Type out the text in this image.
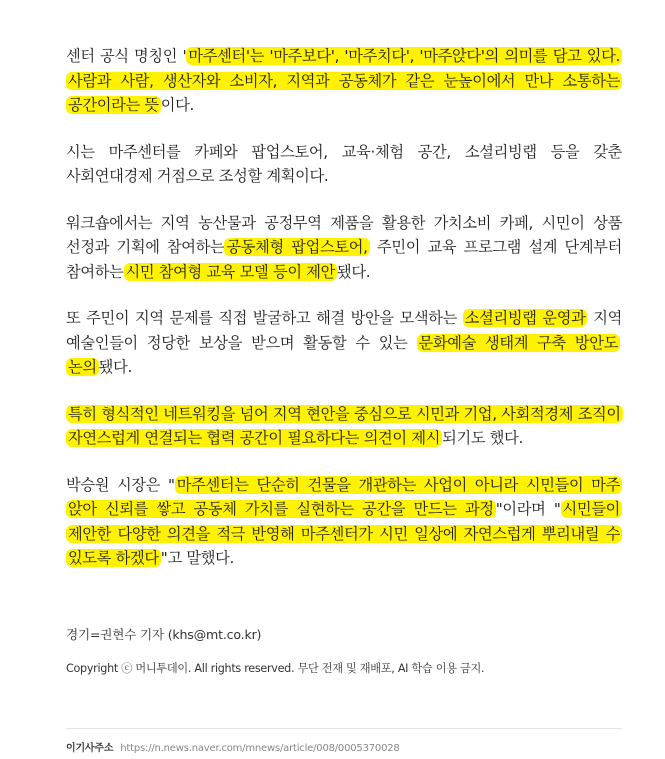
센터 공식 명칭인 ' 마주센터'는 '마주보다', '마주치다', '마주앉다'의 의미를 담고 있다. 사람과 사람, 생산자와 소비자, 지역과 공동체가 같은 눈높이에서 만나 소통하는 공간이라는 뜻 이다.

시는 마주센터를 카페와 팝업스토어, 교육·체험 공간, 소셜리빙랩 등을 갖춘 사회연대경제 거점으로 조성할 계획이다.

워크숍에서는 지역 농산물과 공정무역 제품을 활용한 가치소비 카페, 시민이 상품 선정과 기획에 참여하는 공동체형 팝업스토어, 주민이 교육 프로그램 설계 단계부터 참여하는 시민 참여형 교육 모델 등이 제안 됐다.

또 주민이 지역 문제를 직접 발굴하고 해결 방안을 모색하는 소셜리빙랩 운영과 지역 예술인들이 정당한 보상을 받으며 활동할 수 있는 문화예술 생태계 구축 방안도 논의 됐다.

특히 형식적인 네트워킹을 넘어 지역 현안을 중심으로 시민과 기업, 사회적경제 조직이 자연스럽게 연결되는 협력 공간이 필요하다는 의견이 제시 되기도 했다.

박승원 시장은 " 마주센터는 단순히 건물을 개관하는 사업이 아니라 시민들이 마주 앉아 신뢰를 쌓고 공동체 가치를 실현하는 공간을 만드는 과정 "이라며 " 시민들이 제안한 다양한 의견을 적극 반영해 마주센터가 시민 일상에 자연스럽게 뿌리내릴 수 있도록 하겠다 "고 말했다.

경기=권현수 기자 (khs@mt.co.kr)
Copyright ⓒ 머니투데이. All rights reserved. 무단 전재 및 재배포, AI 학습 이용 금지.
이기사주소 https://n.news.naver.com/mnews/article/008/0005370028
